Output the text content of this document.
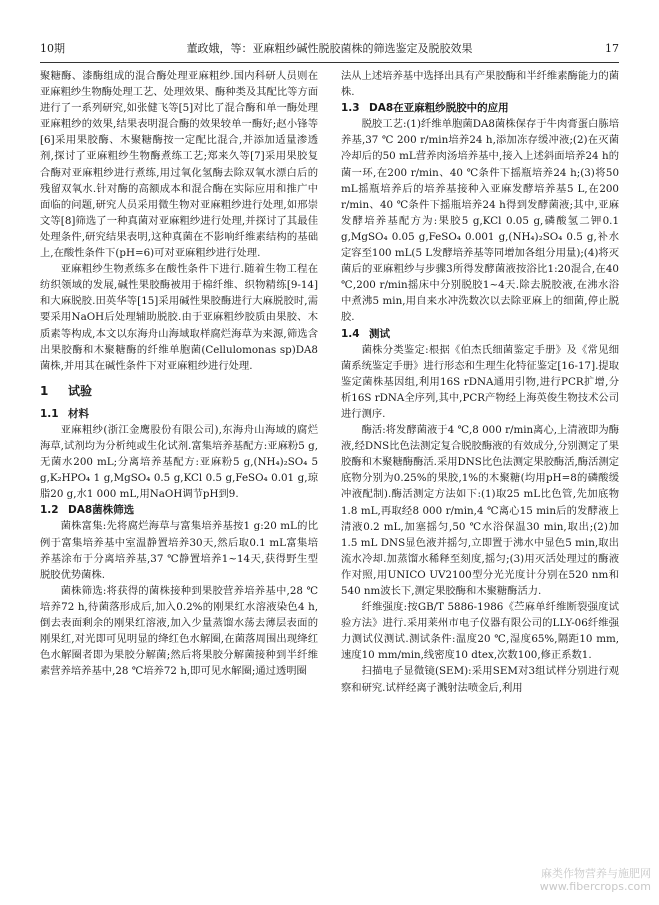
10期	董政娥，等：亚麻粗纱碱性脱胶菌株的筛选鉴定及脱胶效果	17

聚糖酶、漆酶组成的混合酶处理亚麻粗纱.国内科研人员则在亚麻粗纱生物酶处理工艺、处理效果、酶种类及其配比等方面进行了一系列研究,如张健飞等[5]对比了混合酶和单一酶处理亚麻粗纱的效果,结果表明混合酶的效果较单一酶好;赵小锋等[6]采用果胶酶、木聚糖酶按一定配比混合,并添加适量渗透剂,探讨了亚麻粗纱生物酶煮练工艺;郑来久等[7]采用果胶复合酶对亚麻粗纱进行煮练,用过氧化氢酶去除双氧水漂白后的残留双氧水.针对酶的高额成本和混合酶在实际应用和推广中面临的问题,研究人员采用微生物对亚麻粗纱进行处理,如邢崇文等[8]筛选了一种真菌对亚麻粗纱进行处理,并探讨了其最佳处理条件,研究结果表明,这种真菌在不影响纤维素结构的基础上,在酸性条件下(pH=6)可对亚麻粗纱进行处理.

亚麻粗纱生物煮练多在酸性条件下进行.随着生物工程在纺织领域的发展,碱性果胶酶被用于棉纤维、织物精练[9-14]和大麻脱胶.田英华等[15]采用碱性果胶酶进行大麻脱胶时,需要采用NaOH后处理辅助脱胶.由于亚麻粗纱胶质由果胶、木质素等构成,本文以东海舟山海域取样腐烂海草为来源,筛选含出果胶酶和木聚糖酶的纤维单胞菌(Cellulomonas sp)DA8菌株,并用其在碱性条件下对亚麻粗纱进行处理.

1 试验
1.1 材料

亚麻粗纱(浙江金鹰股份有限公司),东海舟山海域的腐烂海草,试剂均为分析纯或生化试剂.富集培养基配方:亚麻粉5 g,无菌水200 mL;分离培养基配方:亚麻粉5 g,(NH₄)₂SO₄ 5 g,K₂HPO₄ 1 g,MgSO₄ 0.5 g,KCl 0.5 g,FeSO₄ 0.01 g,琼脂20 g,水1 000 mL,用NaOH调节pH到9.

1.2 DA8菌株筛选

菌株富集:先将腐烂海草与富集培养基按1 g:20 mL的比例于富集培养基中室温静置培养30天,然后取0.1 mL富集培养基涂布于分离培养基,37 ℃静置培养1~14天,获得野生型脱胶优势菌株.

菌株筛选:将获得的菌株接种到果胶营养培养基中,28 ℃培养72 h,待菌落形成后,加入0.2%的刚果红水溶液染色4 h,倒去表面剩余的刚果红溶液,加入少量蒸馏水荡去薄层表面的刚果红,对光即可见明显的绛红色水解圈,在菌落周围出现绛红色水解圈者即为果胶分解菌;然后将果胶分解菌接种到半纤维素营养培养基中,28 ℃培养72 h,即可见水解圈;通过透明圈

法从上述培养基中选择出具有产果胶酶和半纤维素酶能力的菌株.

1.3 DA8在亚麻粗纱脱胶中的应用

脱胶工艺:(1)纤维单胞菌DA8菌株保存于牛肉膏蛋白胨培养基,37 ℃ 200 r/min培养24 h,添加冻存缓冲液;(2)在灭菌冷却后的50 mL营养肉汤培养基中,接入上述斜面培养24 h的菌一环,在200 r/min、40 ℃条件下摇瓶培养24 h;(3)将50 mL摇瓶培养后的培养基接种入亚麻发酵培养基5 L,在200 r/min、40 ℃条件下摇瓶培养24 h得到发酵菌液;其中,亚麻发酵培养基配方为:果胶5 g,KCl 0.05 g,磷酸氢二钾0.1 g,MgSO₄ 0.05 g,FeSO₄ 0.001 g,(NH₄)₂SO₄ 0.5 g,补水定容至100 mL(5 L发酵培养基等同增加各组分用量);(4)将灭菌后的亚麻粗纱与步骤3所得发酵菌液按浴比1:20混合,在40 ℃,200 r/min摇床中分别脱胶1~4天.除去脱胶液,在沸水浴中煮沸5 min,用自来水冲洗数次以去除亚麻上的细菌,停止脱胶.

1.4 测试

菌株分类鉴定:根据《伯杰氏细菌鉴定手册》及《常见细菌系统鉴定手册》进行形态和生理生化特征鉴定[16-17].提取鉴定菌株基因组,利用16S rDNA通用引物,进行PCR扩增,分析16S rDNA全序列,其中,PCR产物经上海英俊生物技术公司进行测序.

酶活:将发酵菌液于4 ℃,8 000 r/min离心,上清液即为酶液,经DNS比色法测定复合脱胶酶液的有效成分,分别测定了果胶酶和木聚糖酶酶活.采用DNS比色法测定果胶酶活,酶活测定底物分别为0.25%的果胶,1%的木聚糖(均用pH=8的磷酸缓冲液配制).酶活测定方法如下:(1)取25 mL比色管,先加底物1.8 mL,再取经8 000 r/min,4 ℃离心15 min后的发酵液上清液0.2 mL,加塞摇匀,50 ℃水浴保温30 min,取出;(2)加1.5 mL DNS显色液并摇匀,立即置于沸水中显色5 min,取出流水冷却.加蒸馏水稀释至刻度,摇匀;(3)用灭活处理过的酶液作对照,用UNICO UV2100型分光光度计分别在520 nm和540 nm波长下,测定果胶酶和木聚糖酶活力.

纤维强度:按GB/T 5886-1986《苎麻单纤维断裂强度试验方法》进行.采用莱州市电子仪器有限公司的LLY-06纤维强力测试仪测试.测试条件:温度20 ℃,湿度65%,隔距10 mm,速度10 mm/min,线密度10 dtex,次数100,修正系数1.

扫描电子显微镜(SEM):采用SEM对3组试样分别进行观察和研究.试样经离子溅射法喷金后,利用

麻类作物营养与施肥网
www.fibercrops.com
